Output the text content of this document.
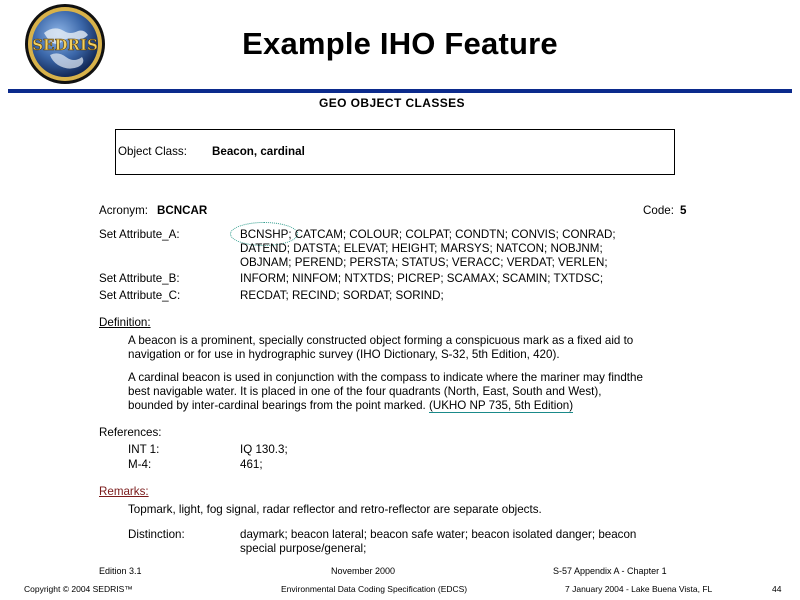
SEDRIS	Example IHO Feature
GEO OBJECT CLASSES
Object Class: Beacon, cardinal
Acronym: BCNCAR	Code: 5
Set Attribute_A:	BCNSHP; CATCAM; COLOUR; COLPAT; CONDTN; CONVIS; CONRAD;
DATEND; DATSTA; ELEVAT; HEIGHT; MARSYS; NATCON; NOBJNM;
OBJNAM; PEREND; PERSTA; STATUS; VERACC; VERDAT; VERLEN;
Set Attribute_B:	INFORM; NINFOM; NTXTDS; PICREP; SCAMAX; SCAMIN; TXTDSC;
Set Attribute_C:	RECDAT; RECIND; SORDAT; SORIND;
Definition:
A beacon is a prominent, specially constructed object forming a conspicuous mark as a fixed aid to
navigation or for use in hydrographic survey (IHO Dictionary, S-32, 5th Edition, 420).
A cardinal beacon is used in conjunction with the compass to indicate where the mariner may findthe
best navigable water. It is placed in one of the four quadrants (North, East, South and West),
bounded by inter-cardinal bearings from the point marked. (UKHO NP 735, 5th Edition)
References:
INT 1:	IQ 130.3;
M-4:	461;
Remarks:
Topmark, light, fog signal, radar reflector and retro-reflector are separate objects.
Distinction:	daymark; beacon lateral; beacon safe water; beacon isolated danger; beacon
special purpose/general;
Edition 3.1	November 2000	S-57 Appendix A - Chapter 1
Copyright © 2004 SEDRIS™	Environmental Data Coding Specification (EDCS)	7 January 2004 - Lake Buena Vista, FL	44
